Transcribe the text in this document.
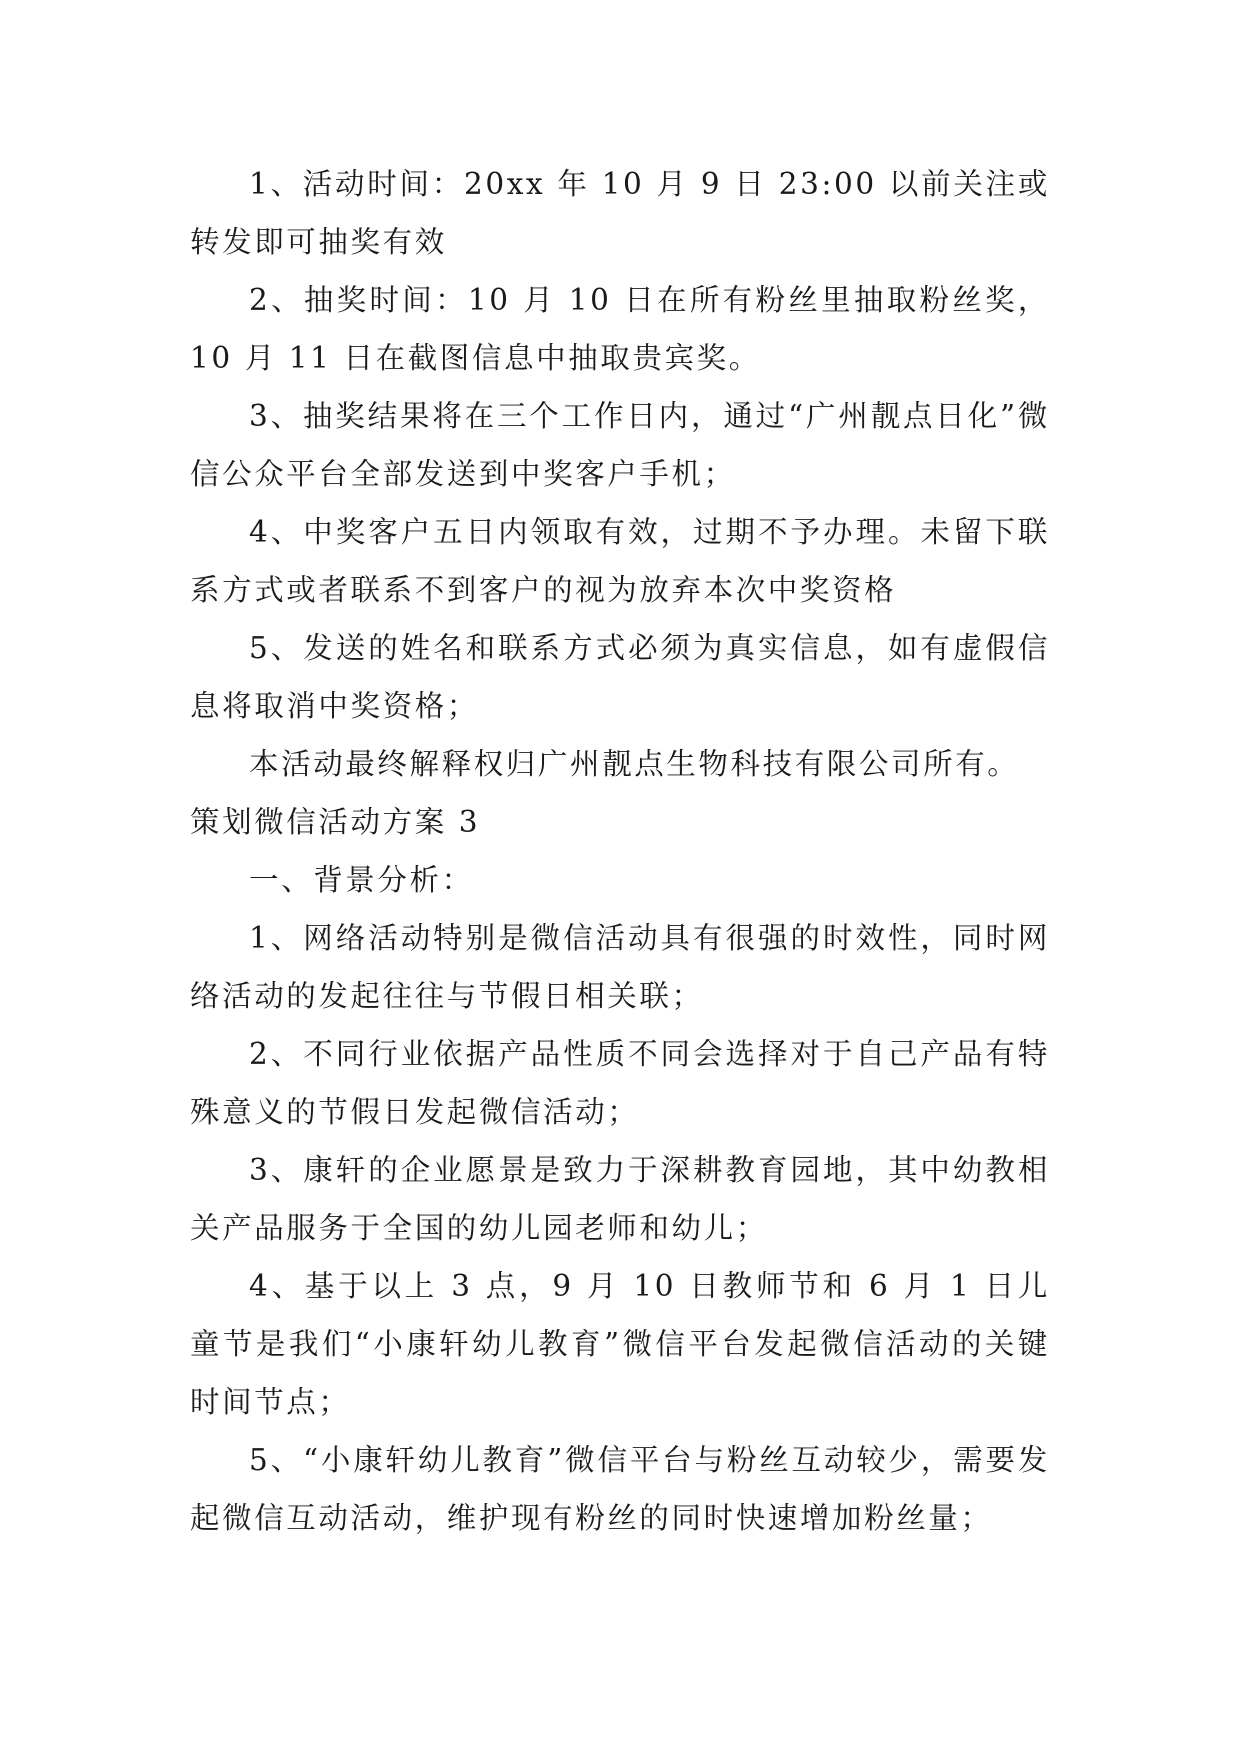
1、活动时间：20xx 年 10 月 9 日 23:00 以前关注或转发即可抽奖有效

2、抽奖时间：10 月 10 日在所有粉丝里抽取粉丝奖，10 月 11 日在截图信息中抽取贵宾奖。

3、抽奖结果将在三个工作日内，通过“广州靓点日化”微信公众平台全部发送到中奖客户手机；

4、中奖客户五日内领取有效，过期不予办理。未留下联系方式或者联系不到客户的视为放弃本次中奖资格

5、发送的姓名和联系方式必须为真实信息，如有虚假信息将取消中奖资格；

本活动最终解释权归广州靓点生物科技有限公司所有。

策划微信活动方案 3

一、背景分析：

1、网络活动特别是微信活动具有很强的时效性，同时网络活动的发起往往与节假日相关联；

2、不同行业依据产品性质不同会选择对于自己产品有特殊意义的节假日发起微信活动；

3、康轩的企业愿景是致力于深耕教育园地，其中幼教相关产品服务于全国的幼儿园老师和幼儿；

4、基于以上 3 点，9 月 10 日教师节和 6 月 1 日儿童节是我们“小康轩幼儿教育”微信平台发起微信活动的关键时间节点；

5、“小康轩幼儿教育”微信平台与粉丝互动较少，需要发起微信互动活动，维护现有粉丝的同时快速增加粉丝量；
